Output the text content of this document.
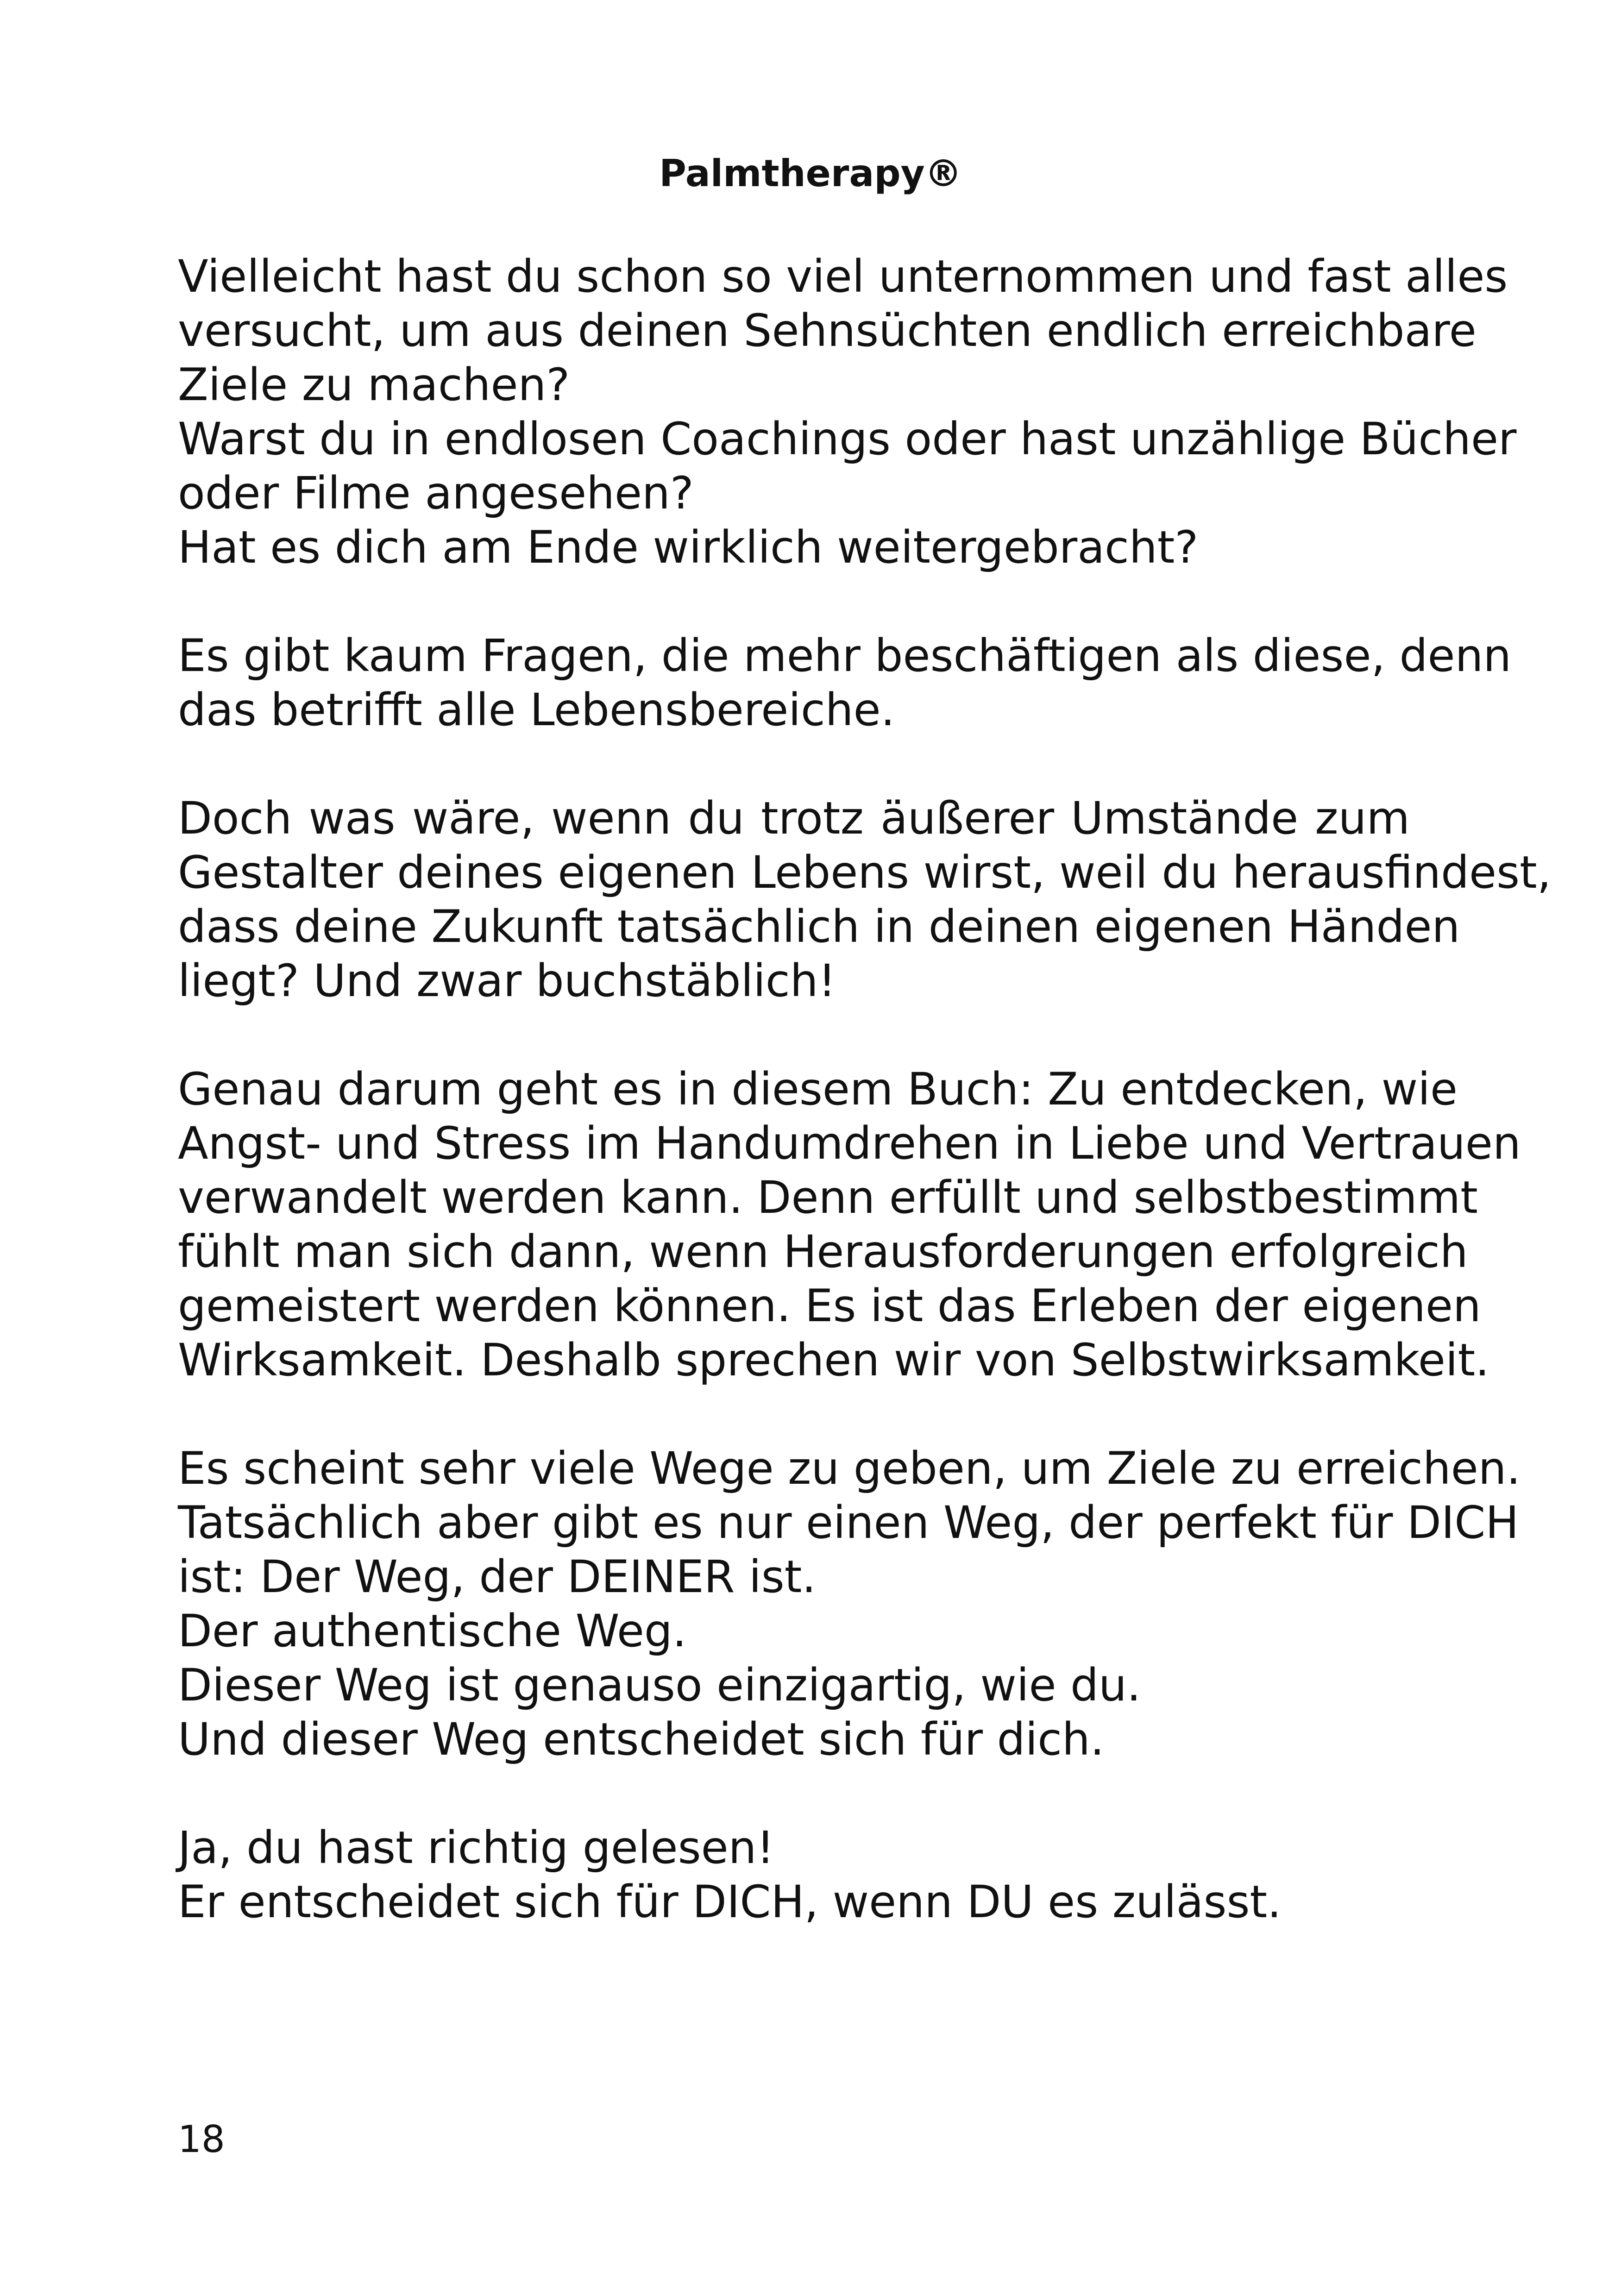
Palmtherapy®

Vielleicht hast du schon so viel unternommen und fast alles
versucht, um aus deinen Sehnsüchten endlich erreichbare
Ziele zu machen?
Warst du in endlosen Coachings oder hast unzählige Bücher
oder Filme angesehen?
Hat es dich am Ende wirklich weitergebracht?

Es gibt kaum Fragen, die mehr beschäftigen als diese, denn
das betrifft alle Lebensbereiche.

Doch was wäre, wenn du trotz äußerer Umstände zum
Gestalter deines eigenen Lebens wirst, weil du herausfindest,
dass deine Zukunft tatsächlich in deinen eigenen Händen
liegt? Und zwar buchstäblich!

Genau darum geht es in diesem Buch: Zu entdecken, wie
Angst- und Stress im Handumdrehen in Liebe und Vertrauen
verwandelt werden kann. Denn erfüllt und selbstbestimmt
fühlt man sich dann, wenn Herausforderungen erfolgreich
gemeistert werden können. Es ist das Erleben der eigenen
Wirksamkeit. Deshalb sprechen wir von Selbstwirksamkeit.

Es scheint sehr viele Wege zu geben, um Ziele zu erreichen.
Tatsächlich aber gibt es nur einen Weg, der perfekt für DICH
ist: Der Weg, der DEINER ist.
Der authentische Weg.
Dieser Weg ist genauso einzigartig, wie du.
Und dieser Weg entscheidet sich für dich.

Ja, du hast richtig gelesen!
Er entscheidet sich für DICH, wenn DU es zulässt.

18
